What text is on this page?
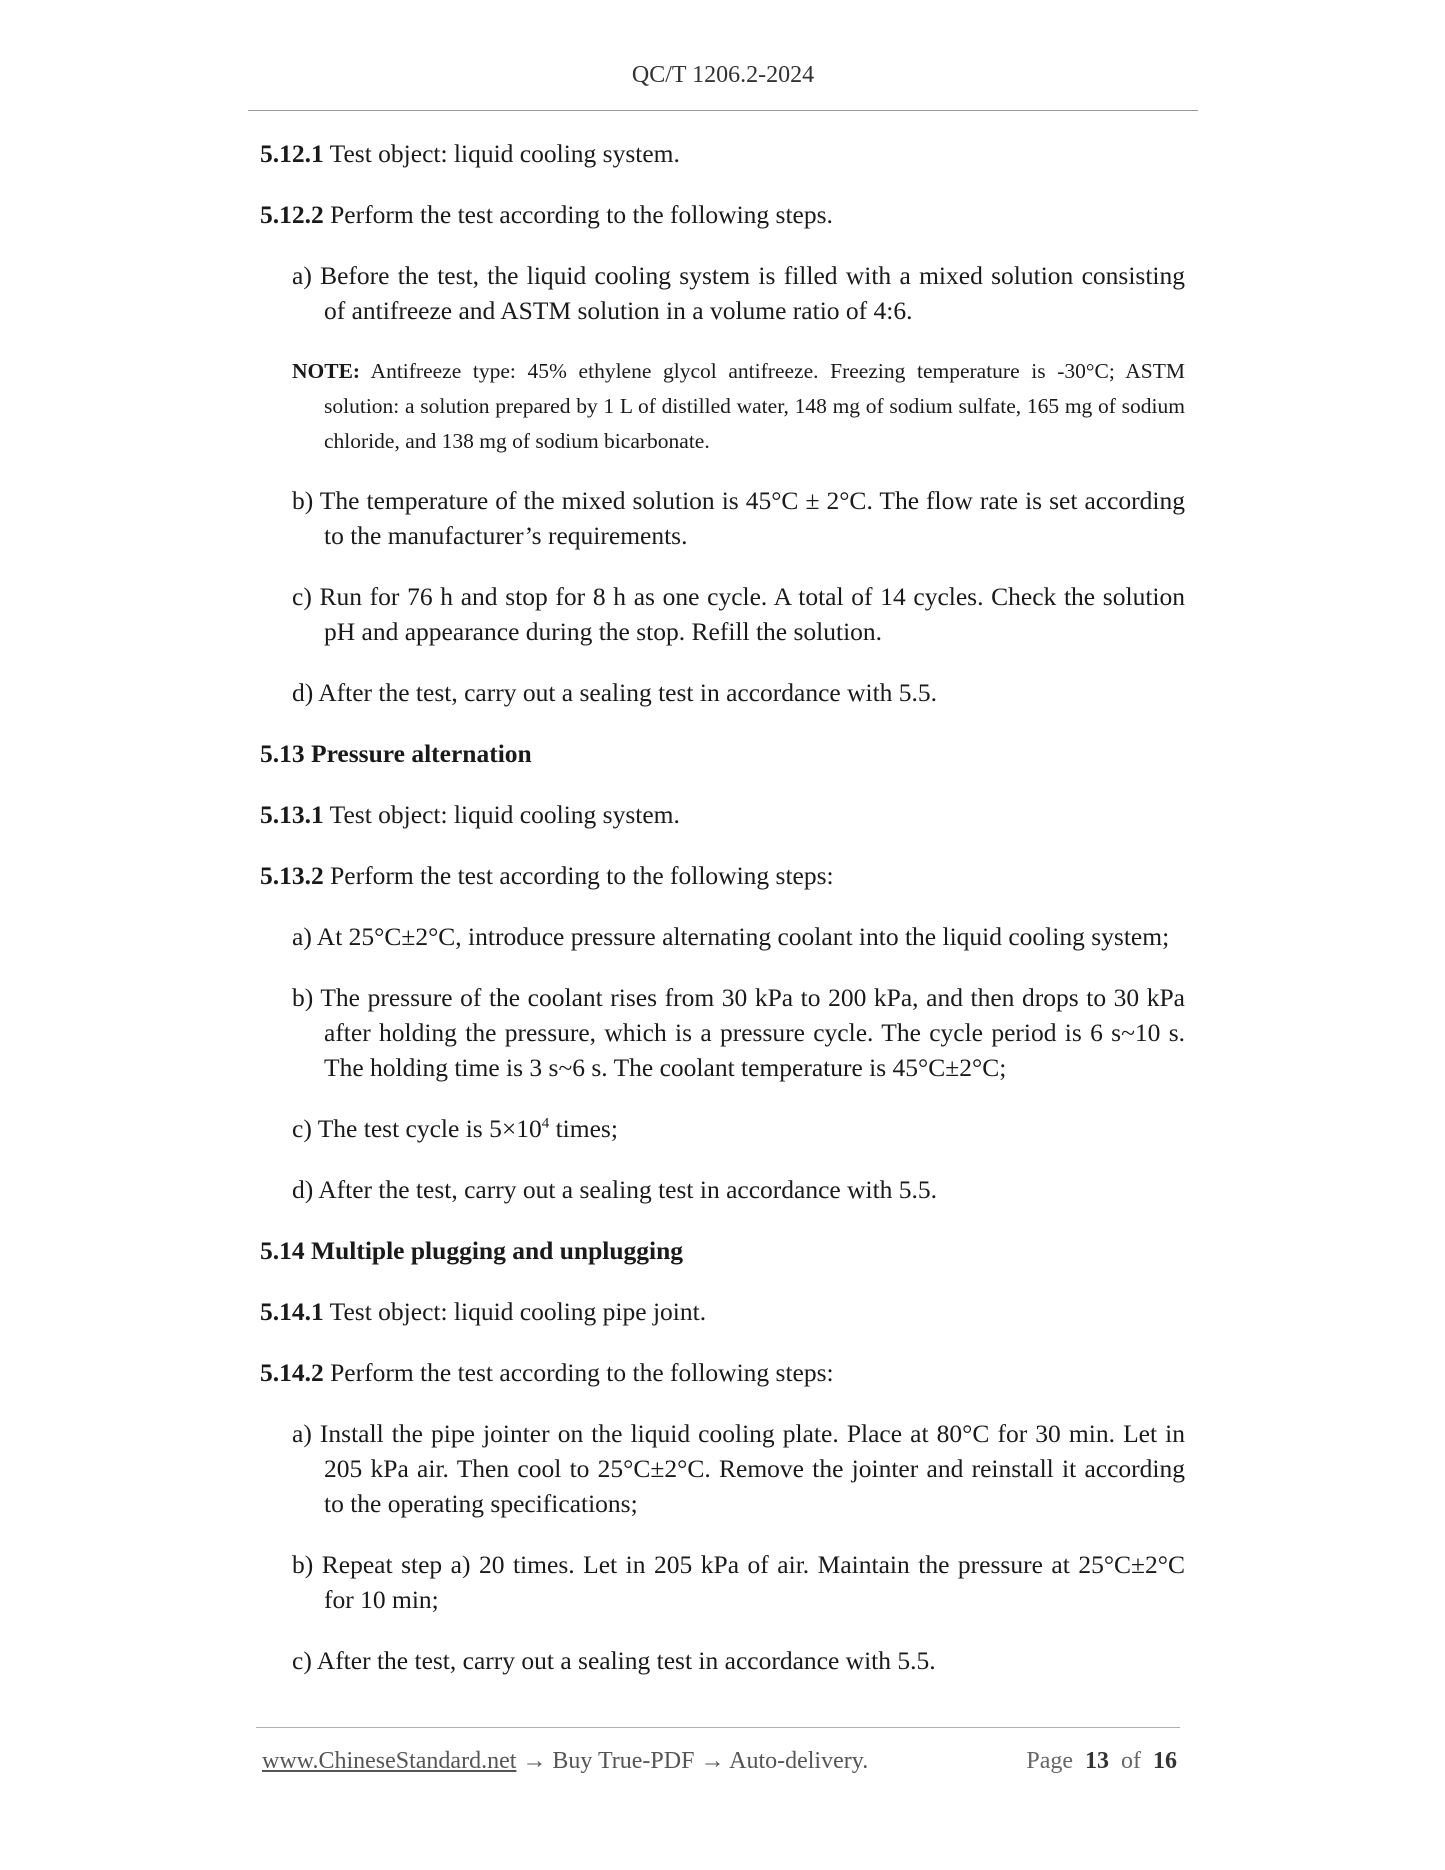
QC/T 1206.2-2024

5.12.1 Test object: liquid cooling system.

5.12.2 Perform the test according to the following steps.

a) Before the test, the liquid cooling system is filled with a mixed solution consisting of antifreeze and ASTM solution in a volume ratio of 4:6.

NOTE: Antifreeze type: 45% ethylene glycol antifreeze. Freezing temperature is -30°C; ASTM solution: a solution prepared by 1 L of distilled water, 148 mg of sodium sulfate, 165 mg of sodium chloride, and 138 mg of sodium bicarbonate.

b) The temperature of the mixed solution is 45°C ± 2°C. The flow rate is set according to the manufacturer’s requirements.

c) Run for 76 h and stop for 8 h as one cycle. A total of 14 cycles. Check the solution pH and appearance during the stop. Refill the solution.

d) After the test, carry out a sealing test in accordance with 5.5.

5.13 Pressure alternation

5.13.1 Test object: liquid cooling system.

5.13.2 Perform the test according to the following steps:

a) At 25°C±2°C, introduce pressure alternating coolant into the liquid cooling system;

b) The pressure of the coolant rises from 30 kPa to 200 kPa, and then drops to 30 kPa after holding the pressure, which is a pressure cycle. The cycle period is 6 s~10 s. The holding time is 3 s~6 s. The coolant temperature is 45°C±2°C;

c) The test cycle is $5\times 10^4$ times;

d) After the test, carry out a sealing test in accordance with 5.5.

5.14 Multiple plugging and unplugging

5.14.1 Test object: liquid cooling pipe joint.

5.14.2 Perform the test according to the following steps:

a) Install the pipe jointer on the liquid cooling plate. Place at 80°C for 30 min. Let in 205 kPa air. Then cool to 25°C±2°C. Remove the jointer and reinstall it according to the operating specifications;

b) Repeat step a) 20 times. Let in 205 kPa of air. Maintain the pressure at 25°C±2°C for 10 min;

c) After the test, carry out a sealing test in accordance with 5.5.

www.ChineseStandard.net → Buy True-PDF → Auto-delivery.	Page 13 of 16
